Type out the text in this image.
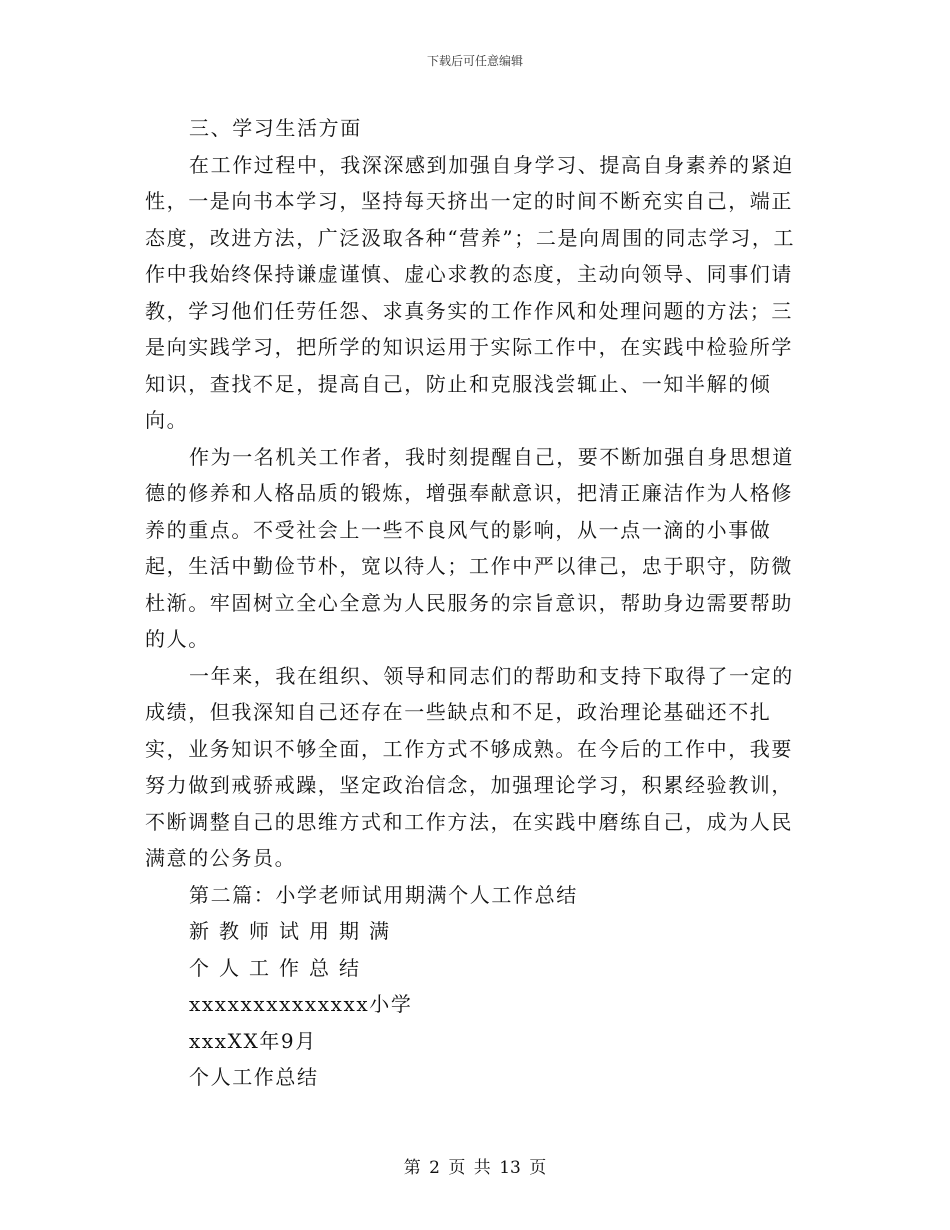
下载后可任意编辑

三、学习生活方面

在工作过程中，我深深感到加强自身学习、提高自身素养的紧迫性，一是向书本学习，坚持每天挤出一定的时间不断充实自己，端正态度，改进方法，广泛汲取各种“营养”；二是向周围的同志学习，工作中我始终保持谦虚谨慎、虚心求教的态度，主动向领导、同事们请教，学习他们任劳任怨、求真务实的工作作风和处理问题的方法；三是向实践学习，把所学的知识运用于实际工作中，在实践中检验所学知识，查找不足，提高自己，防止和克服浅尝辄止、一知半解的倾向。

作为一名机关工作者，我时刻提醒自己，要不断加强自身思想道德的修养和人格品质的锻炼，增强奉献意识，把清正廉洁作为人格修养的重点。不受社会上一些不良风气的影响，从一点一滴的小事做起，生活中勤俭节朴，宽以待人；工作中严以律己，忠于职守，防微杜渐。牢固树立全心全意为人民服务的宗旨意识，帮助身边需要帮助的人。

一年来，我在组织、领导和同志们的帮助和支持下取得了一定的成绩，但我深知自己还存在一些缺点和不足，政治理论基础还不扎实，业务知识不够全面，工作方式不够成熟。在今后的工作中，我要努力做到戒骄戒躁，坚定政治信念，加强理论学习，积累经验教训，不断调整自己的思维方式和工作方法，在实践中磨练自己，成为人民满意的公务员。

第二篇：小学老师试用期满个人工作总结

新教师试用期满

个人工作总结

xxxxxxxxxxxxxx小学

xxxXX年9月

个人工作总结

第 2 页 共 13 页
